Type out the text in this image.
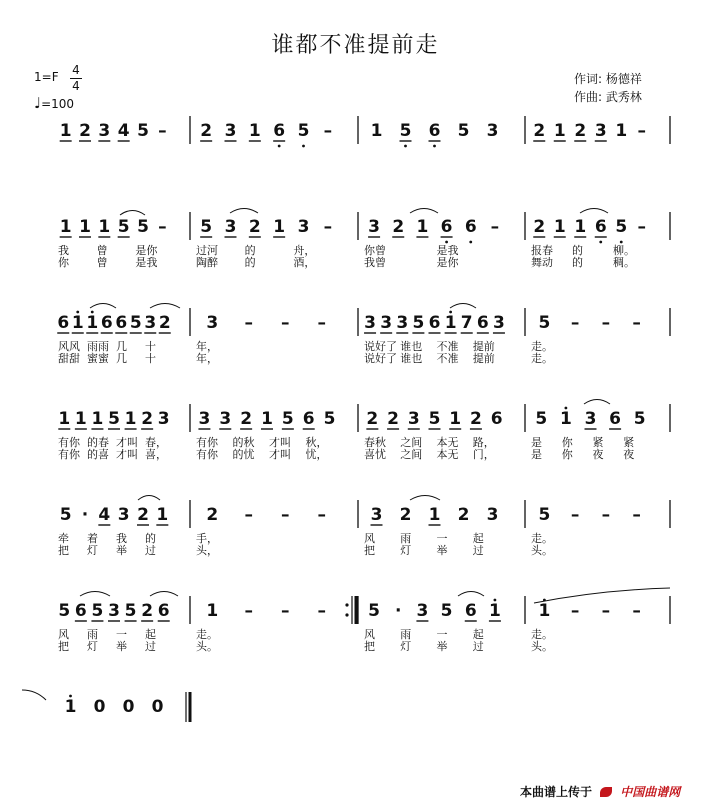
谁都不准提前走
1=F 4
4
♩=100
作词: 杨德祥
作曲: 武秀林
1 2 3 4 5 – 2 3 1 6 5 – 1 5 6 5 3 2 1 2 3 1 –
1 1 1 5 5 –
我	曾	是你
你	曾	是我
5 3 2 1 3 –
过河 的	舟，
陶醉 的	酒，
3 2 1 6 6 –
你曾	是我
我曾	是你
2 1 1 6 5 –
报春 的	柳。
舞动 的	稠。
6 1 1 6 6 5 3 2
风风 雨雨 几 十
甜甜 蜜蜜 几 十
3 – – –
年，
年，
3 3 3 5 6 1 7 6 3
说好了 谁也 不准 提前
说好了 谁也 不准 提前
5 – – –
走。
走。
1 1 1 5 1 2 3
有你 的春 才叫 春，
有你 的喜 才叫 喜，
3 3 2 1 5 6 5
有你 的秋 才叫 秋，
有你 的忧 才叫 忧，
2 2 3 5 1 2 6
春秋 之间 本无 路，
喜忧 之间 本无 门，
5 1 3 6 5
是 你 紧 紧
是 你 夜 夜
5 · 4 3 2 1
牵 着 我 的
把 灯 举 过
2 – – –
手，
头，
3 2 1 2 3
风 雨 一 起
把 灯 举 过
5 – – –
走。
头。
5 6 5 3 5 2 6
风 雨 一 起
把 灯 举 过
1 – – –
走。
头。
5 · 3 5 6 1
风 雨 一 起
把 灯 举 过
1 – – –
走。
头。
1 0 0 0
本曲谱上传于 中国曲谱网
